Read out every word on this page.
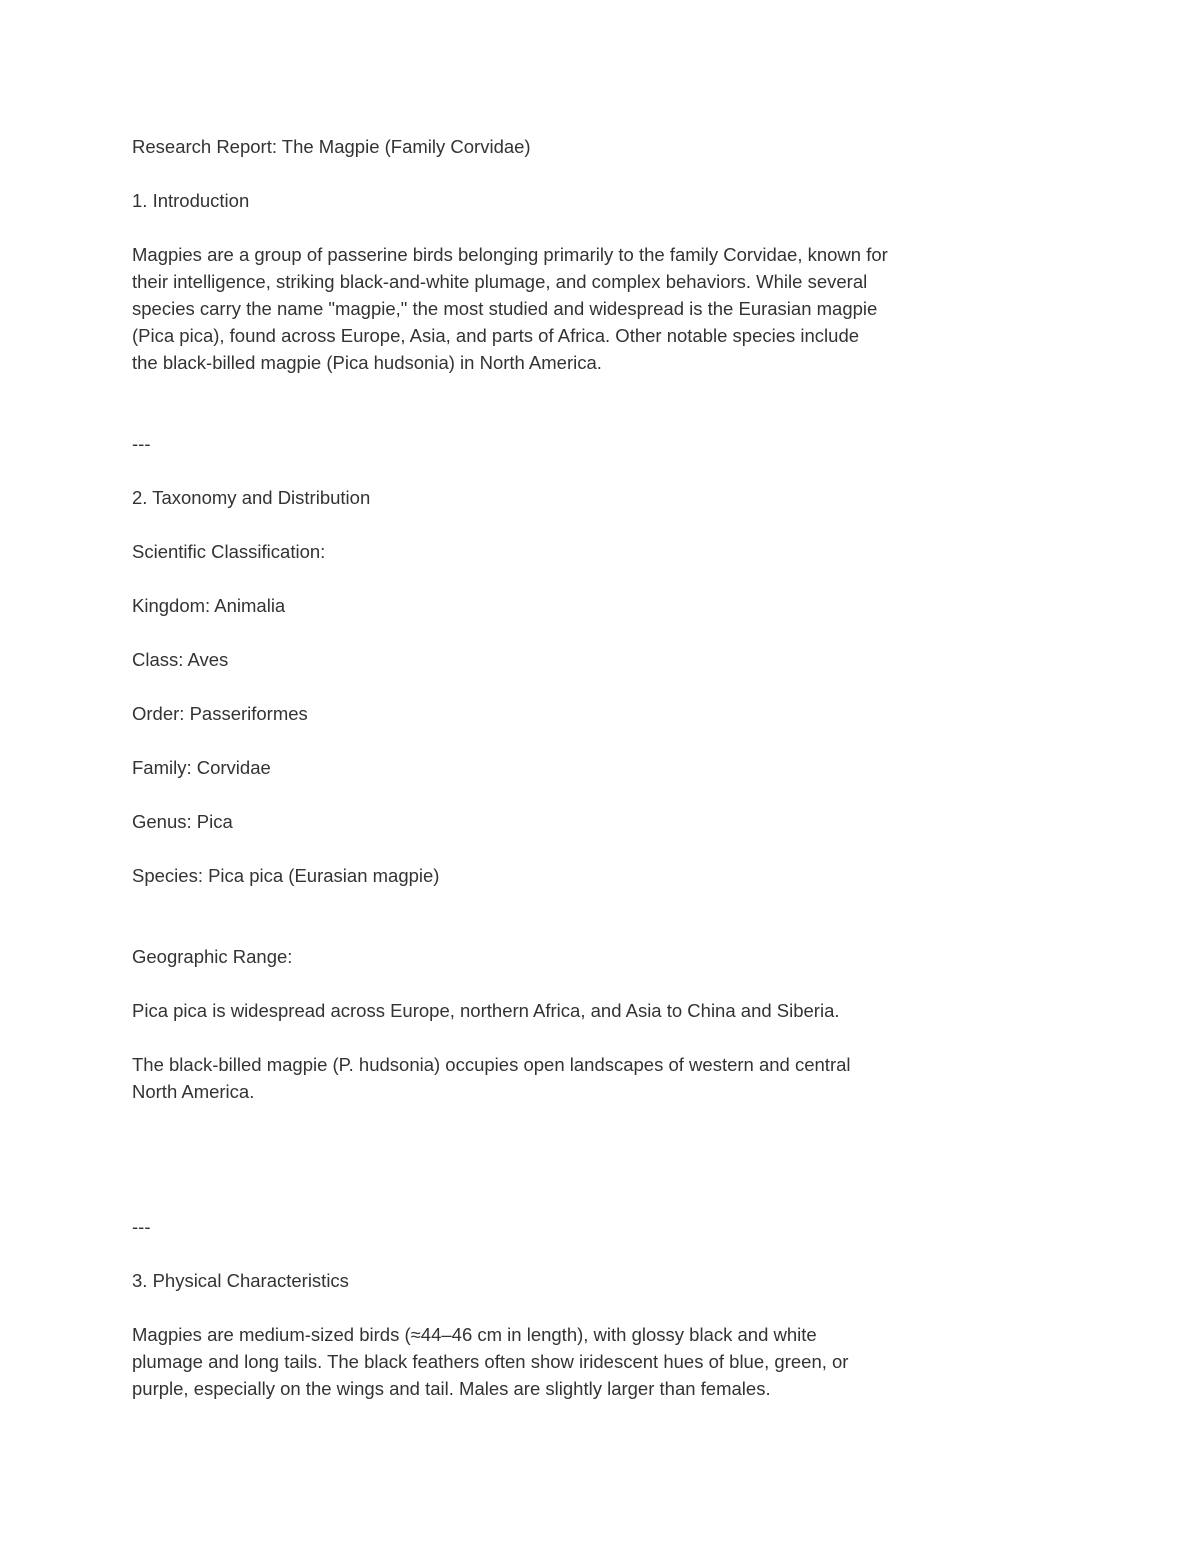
Research Report: The Magpie (Family Corvidae)

1. Introduction

Magpies are a group of passerine birds belonging primarily to the family Corvidae, known for

their intelligence, striking black-and-white plumage, and complex behaviors. While several

species carry the name "magpie," the most studied and widespread is the Eurasian magpie

(Pica pica), found across Europe, Asia, and parts of Africa. Other notable species include

the black-billed magpie (Pica hudsonia) in North America.

---

2. Taxonomy and Distribution

Scientific Classification:

Kingdom: Animalia

Class: Aves

Order: Passeriformes

Family: Corvidae

Genus: Pica

Species: Pica pica (Eurasian magpie)

Geographic Range:

Pica pica is widespread across Europe, northern Africa, and Asia to China and Siberia.

The black-billed magpie (P. hudsonia) occupies open landscapes of western and central

North America.

---

3. Physical Characteristics

Magpies are medium-sized birds (≈44–46 cm in length), with glossy black and white

plumage and long tails. The black feathers often show iridescent hues of blue, green, or

purple, especially on the wings and tail. Males are slightly larger than females.
